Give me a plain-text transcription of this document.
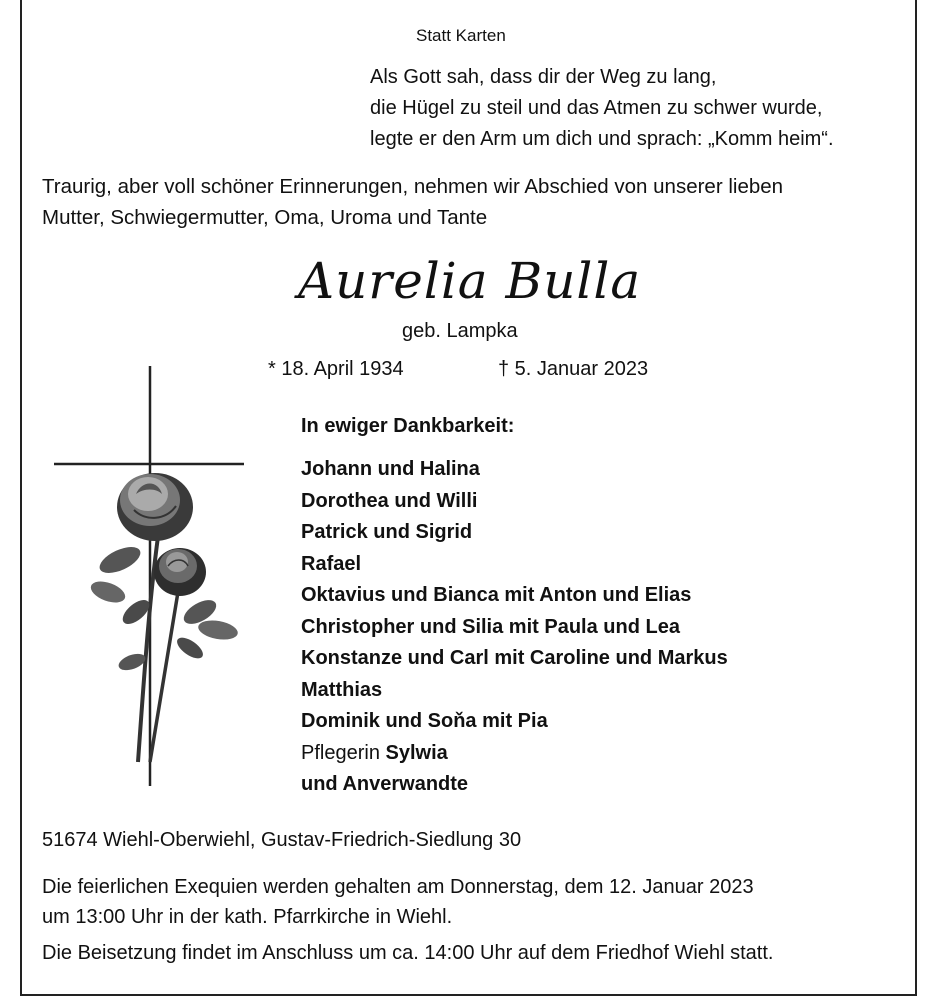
Statt Karten
Als Gott sah, dass dir der Weg zu lang,
die Hügel zu steil und das Atmen zu schwer wurde,
legte er den Arm um dich und sprach: „Komm heim“.
Traurig, aber voll schöner Erinnerungen, nehmen wir Abschied von unserer lieben
Mutter, Schwiegermutter, Oma, Uroma und Tante
Aurelia Bulla
geb. Lampka
* 18. April 1934	† 5. Januar 2023
In ewiger Dankbarkeit:
Johann und Halina
Dorothea und Willi
Patrick und Sigrid
Rafael
Oktavius und Bianca mit Anton und Elias
Christopher und Silia mit Paula und Lea
Konstanze und Carl mit Caroline und Markus
Matthias
Dominik und Soňa mit Pia
Pflegerin Sylwia
und Anverwandte
51674 Wiehl-Oberwiehl, Gustav-Friedrich-Siedlung 30
Die feierlichen Exequien werden gehalten am Donnerstag, dem 12. Januar 2023
um 13:00 Uhr in der kath. Pfarrkirche in Wiehl.
Die Beisetzung findet im Anschluss um ca. 14:00 Uhr auf dem Friedhof Wiehl statt.
